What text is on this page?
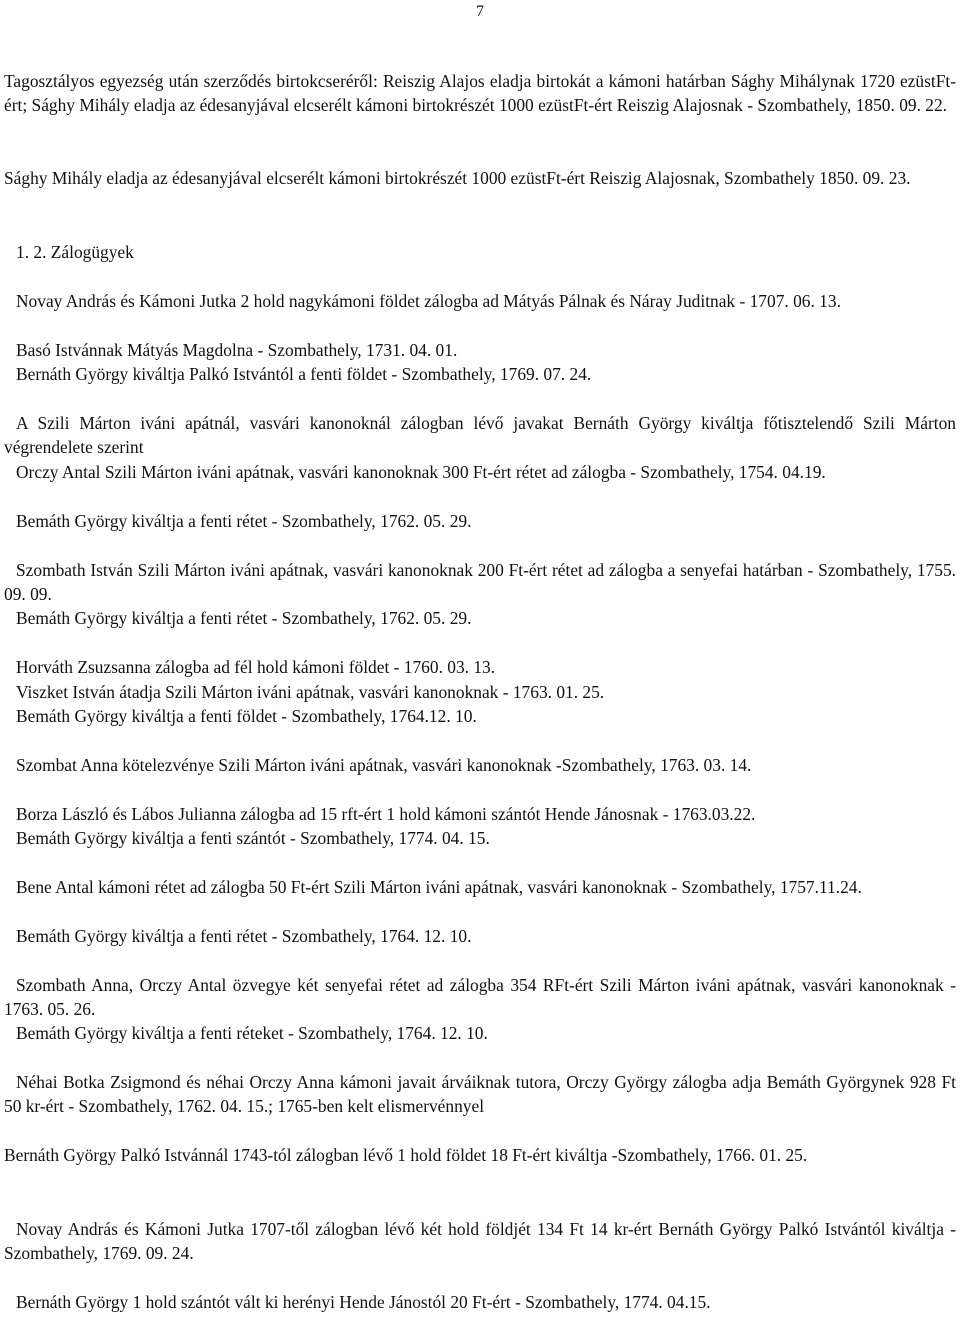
7

Tagosztályos egyezség után szerződés birtokcseréről: Reiszig Alajos eladja birtokát a kámoni határban Sághy Mihálynak 1720 ezüstFt-ért; Sághy Mihály eladja az édesanyjával elcserélt kámoni birtokrészét 1000 ezüstFt-ért Reiszig Alajosnak - Szombathely, 1850. 09. 22.

Sághy Mihály eladja az édesanyjával elcserélt kámoni birtokrészét 1000 ezüstFt-ért Reiszig Alajosnak, Szombathely 1850. 09. 23.

1. 2. Zálogügyek

Novay András és Kámoni Jutka 2 hold nagykámoni földet zálogba ad Mátyás Pálnak és Náray Juditnak - 1707. 06. 13.

Basó Istvánnak Mátyás Magdolna - Szombathely, 1731. 04. 01.
Bernáth György kiváltja Palkó Istvántól a fenti földet - Szombathely, 1769. 07. 24.

A Szili Márton iváni apátnál, vasvári kanonoknál zálogban lévő javakat Bernáth György kiváltja főtisztelendő Szili Márton végrendelete szerint

Orczy Antal Szili Márton iváni apátnak, vasvári kanonoknak 300 Ft-ért rétet ad zálogba - Szombathely, 1754. 04.19.

Bemáth György kiváltja a fenti rétet - Szombathely, 1762. 05. 29.

Szombath István Szili Márton iváni apátnak, vasvári kanonoknak 200 Ft-ért rétet ad zálogba a senyefai határban - Szombathely, 1755. 09. 09.

Bemáth György kiváltja a fenti rétet - Szombathely, 1762. 05. 29.
Horváth Zsuzsanna zálogba ad fél hold kámoni földet - 1760. 03. 13.
Viszket István átadja Szili Márton iváni apátnak, vasvári kanonoknak - 1763. 01. 25.
Bemáth György kiváltja a fenti földet - Szombathely, 1764.12. 10.
Szombat Anna kötelezvénye Szili Márton iváni apátnak, vasvári kanonoknak -Szombathely, 1763. 03. 14.
Borza László és Lábos Julianna zálogba ad 15 rft-ért 1 hold kámoni szántót Hende Jánosnak - 1763.03.22.
Bemáth György kiváltja a fenti szántót - Szombathely, 1774. 04. 15.

Bene Antal kámoni rétet ad zálogba 50 Ft-ért Szili Márton iváni apátnak, vasvári kanonoknak - Szombathely, 1757.11.24.

Bemáth György kiváltja a fenti rétet - Szombathely, 1764. 12. 10.

Szombath Anna, Orczy Antal özvegye két senyefai rétet ad zálogba 354 RFt-ért Szili Márton iváni apátnak, vasvári kanonoknak - 1763. 05. 26.

Bemáth György kiváltja a fenti réteket - Szombathely, 1764. 12. 10.

Néhai Botka Zsigmond és néhai Orczy Anna kámoni javait árváiknak tutora, Orczy György zálogba adja Bemáth Györgynek 928 Ft 50 kr-ért - Szombathely, 1762. 04. 15.; 1765-ben kelt elismervénnyel

Bernáth György Palkó Istvánnál 1743-tól zálogban lévő 1 hold földet 18 Ft-ért kiváltja -Szombathely, 1766. 01. 25.

Novay András és Kámoni Jutka 1707-től zálogban lévő két hold földjét 134 Ft 14 kr-ért Bernáth György Palkó Istvántól kiváltja - Szombathely, 1769. 09. 24.

Bernáth György 1 hold szántót vált ki herényi Hende Jánostól 20 Ft-ért - Szombathely, 1774. 04.15.
